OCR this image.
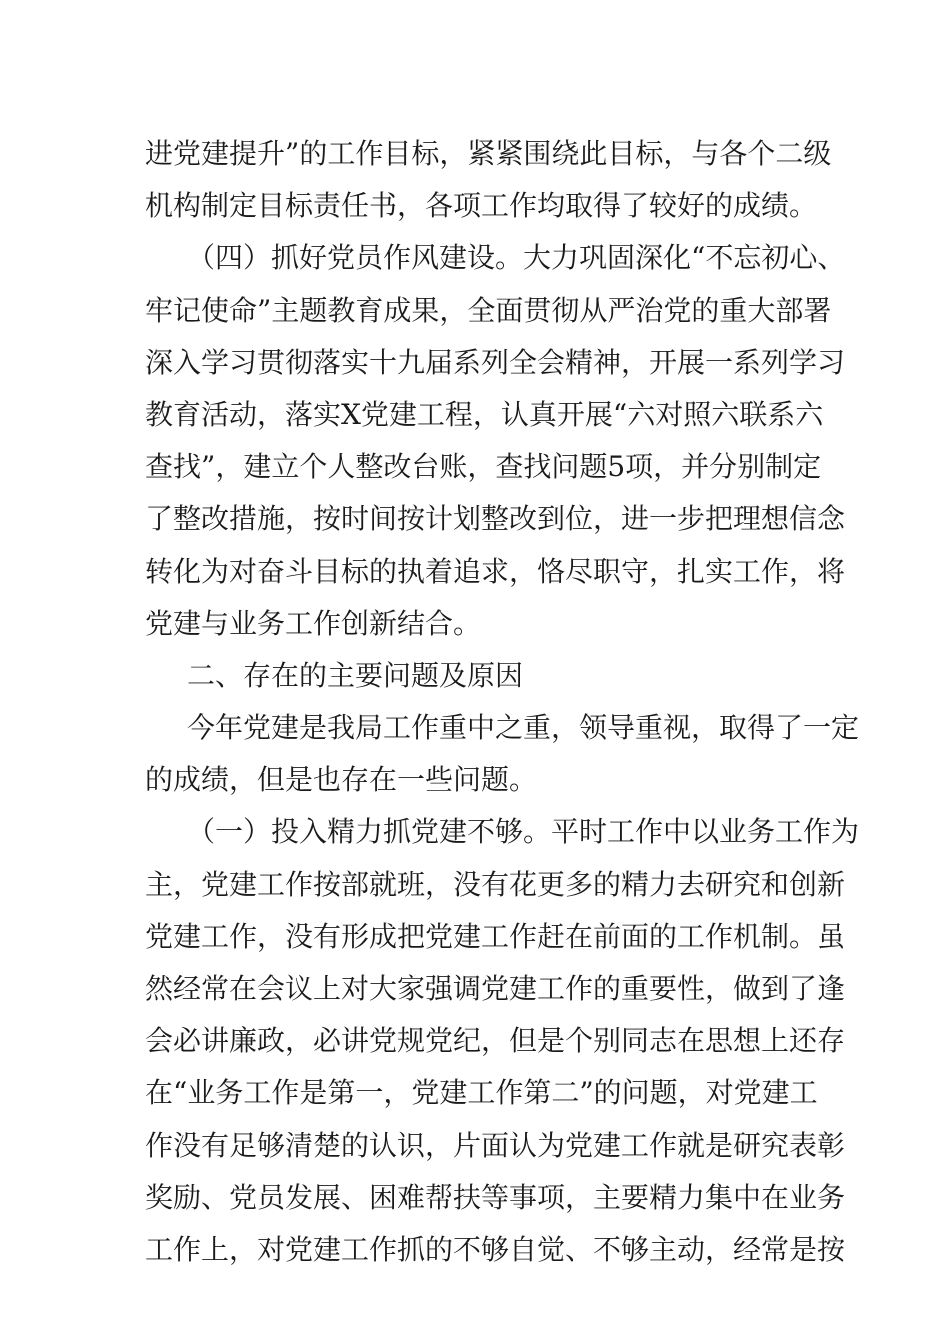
进党建提升”的工作目标，紧紧围绕此目标，与各个二级
机构制定目标责任书，各项工作均取得了较好的成绩。
（四）抓好党员作风建设。大力巩固深化“不忘初心、
牢记使命”主题教育成果，全面贯彻从严治党的重大部署
深入学习贯彻落实十九届系列全会精神，开展一系列学习
教育活动，落实X党建工程，认真开展“六对照六联系六
查找”，建立个人整改台账，查找问题5项，并分别制定
了整改措施，按时间按计划整改到位，进一步把理想信念
转化为对奋斗目标的执着追求，恪尽职守，扎实工作，将
党建与业务工作创新结合。
二、存在的主要问题及原因
今年党建是我局工作重中之重，领导重视，取得了一定
的成绩，但是也存在一些问题。
（一）投入精力抓党建不够。平时工作中以业务工作为
主，党建工作按部就班，没有花更多的精力去研究和创新
党建工作，没有形成把党建工作赶在前面的工作机制。虽
然经常在会议上对大家强调党建工作的重要性，做到了逢
会必讲廉政，必讲党规党纪，但是个别同志在思想上还存
在“业务工作是第一，党建工作第二”的问题，对党建工
作没有足够清楚的认识，片面认为党建工作就是研究表彰
奖励、党员发展、困难帮扶等事项，主要精力集中在业务
工作上，对党建工作抓的不够自觉、不够主动，经常是按
